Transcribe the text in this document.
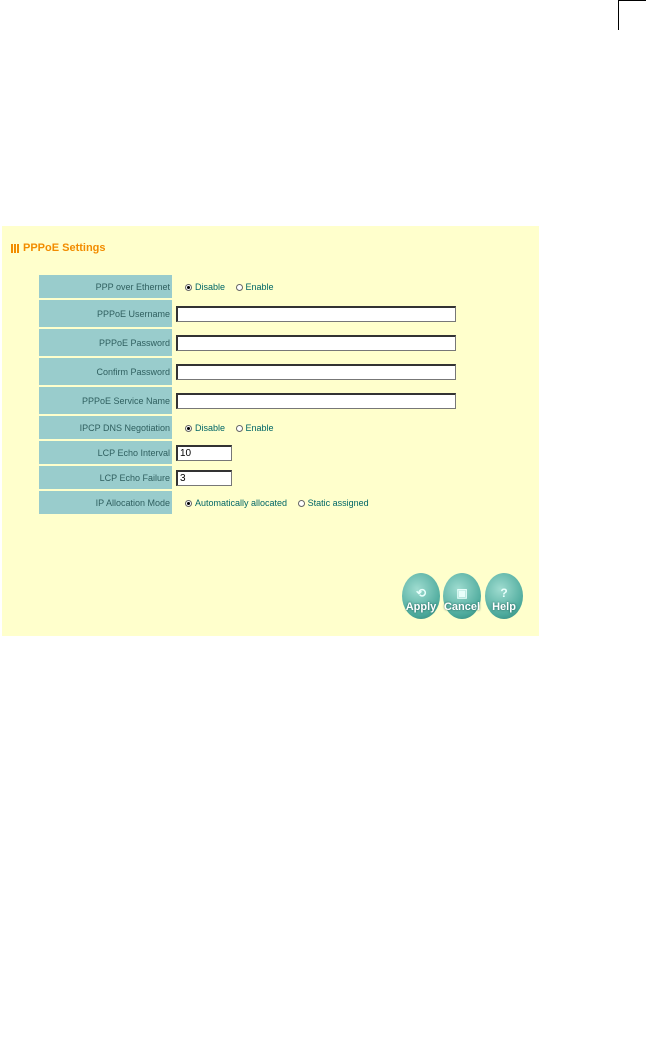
PPPoE Settings
PPP over Ethernet	Disable Enable
PPPoE Username	
PPPoE Password	
Confirm Password	
PPPoE Service Name	
IPCP DNS Negotiation	Disable Enable
LCP Echo Interval	10
LCP Echo Failure	3
IP Allocation Mode	Automatically allocated Static assigned
⟲
Apply
▣
Cancel
?
Help
